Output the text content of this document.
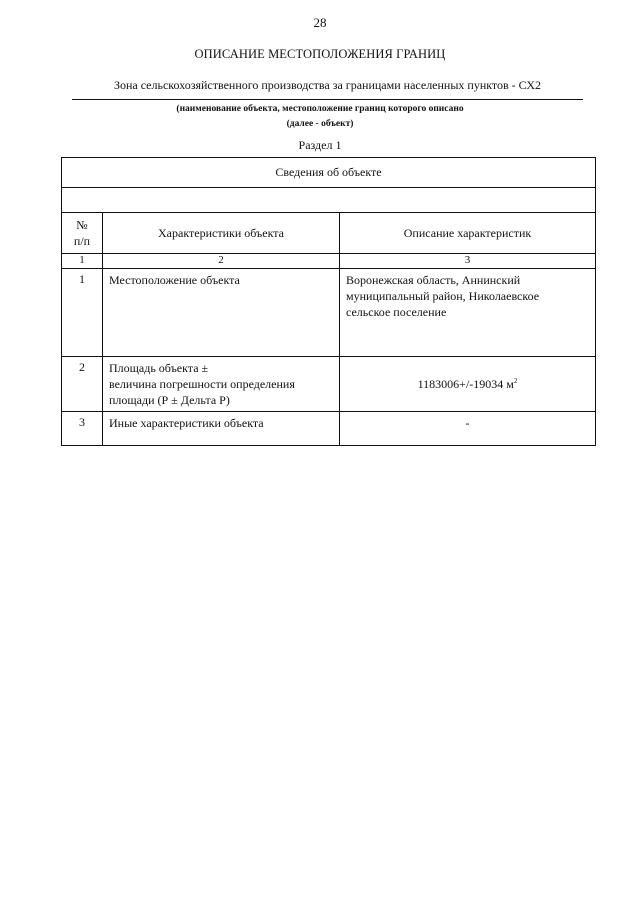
28
ОПИСАНИЕ МЕСТОПОЛОЖЕНИЯ ГРАНИЦ
Зона сельскохозяйственного производства за границами населенных пунктов - СХ2
(наименование объекта, местоположение границ которого описано
(далее - объект)
Раздел 1
Сведения об объекте		

№
п/п	Характеристики объекта	Описание характеристик
1	2	3
1	Местоположение объекта	Воронежская область, Аннинский
муниципальный район, Николаевское
сельское поселение

2	Площадь объекта ±
величина погрешности определения
площади (Р ± Дельта Р)	1183006+/-19034 $м^2$
3	Иные характеристики объекта	-
